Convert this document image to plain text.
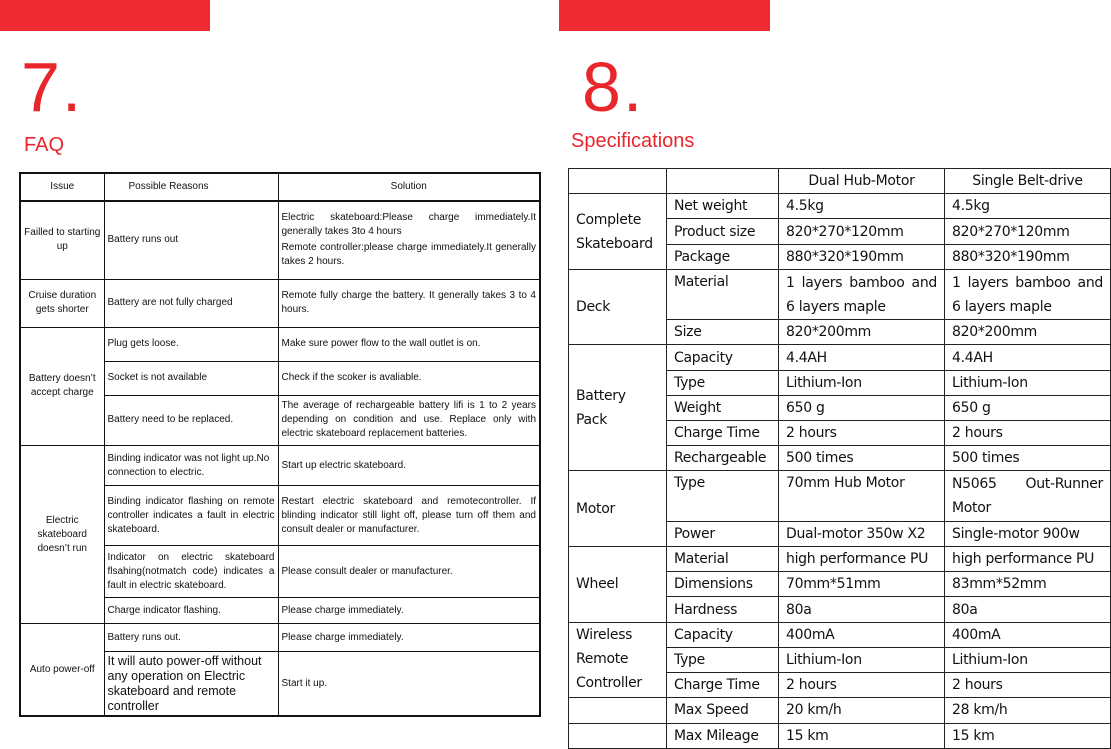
7.
FAQ
Issue	Possible Reasons	Solution
Failled to starting up	Battery runs out	Electric skateboard:Please charge immediately.It generally takes 3to 4 hours
Remote controller:please charge immediately.It generally takes 2 hours.

Cruise duration gets shorter	Battery are not fully charged	Remote fully charge the battery. It generally takes 3 to 4 hours.
Battery doesn’t accept charge	Plug gets loose.	Make sure power flow to the wall outlet is on.
	Socket is not available	Check if the scoker is avaliable.
	Battery need to be replaced.	The average of rechargeable battery lifi is 1 to 2 years depending on condition and use. Replace only with electric skateboard replacement batteries.
Electric skateboard doesn’t run	Binding indicator was not light up.No connection to electric.	Start up electric skateboard.
	Binding indicator flashing on remote controller indicates a fault in electric skateboard.	Restart electric skateboard and remotecontroller. If blinding indicator still light off, please turn off them and consult dealer or manufacturer.
	Indicator on electric skateboard flsahing(notmatch code) indicates a fault in electric skateboard.	Please consult dealer or manufacturer.
	Charge indicator flashing.	Please charge immediately.
Auto power-off	Battery runs out.	Please charge immediately.
	It will auto power-off without any operation on Electric skateboard and remote controller	Start it up.
8.
Specifications
		Dual Hub-Motor	Single Belt-drive
Complete Skateboard	Net weight	4.5kg	4.5kg
	Product size	820*270*120mm	820*270*120mm
	Package	880*320*190mm	880*320*190mm
Deck	Material	1 layers bamboo and 6 layers maple	1 layers bamboo and 6 layers maple
	Size	820*200mm	820*200mm
Battery Pack	Capacity	4.4AH	4.4AH
	Type	Lithium-Ion	Lithium-Ion
	Weight	650 g	650 g
	Charge Time	2 hours	2 hours
	Rechargeable	500 times	500 times
Motor	Type	70mm Hub Motor	N5065 Out-Runner Motor
	Power	Dual-motor 350w X2	Single-motor 900w
Wheel	Material	high performance PU	high performance PU
	Dimensions	70mm*51mm	83mm*52mm
	Hardness	80a	80a
Wireless Remote Controller	Capacity	400mA	400mA
	Type	Lithium-Ion	Lithium-Ion
	Charge Time	2 hours	2 hours
	Max Speed	20 km/h	28 km/h
	Max Mileage	15 km	15 km
